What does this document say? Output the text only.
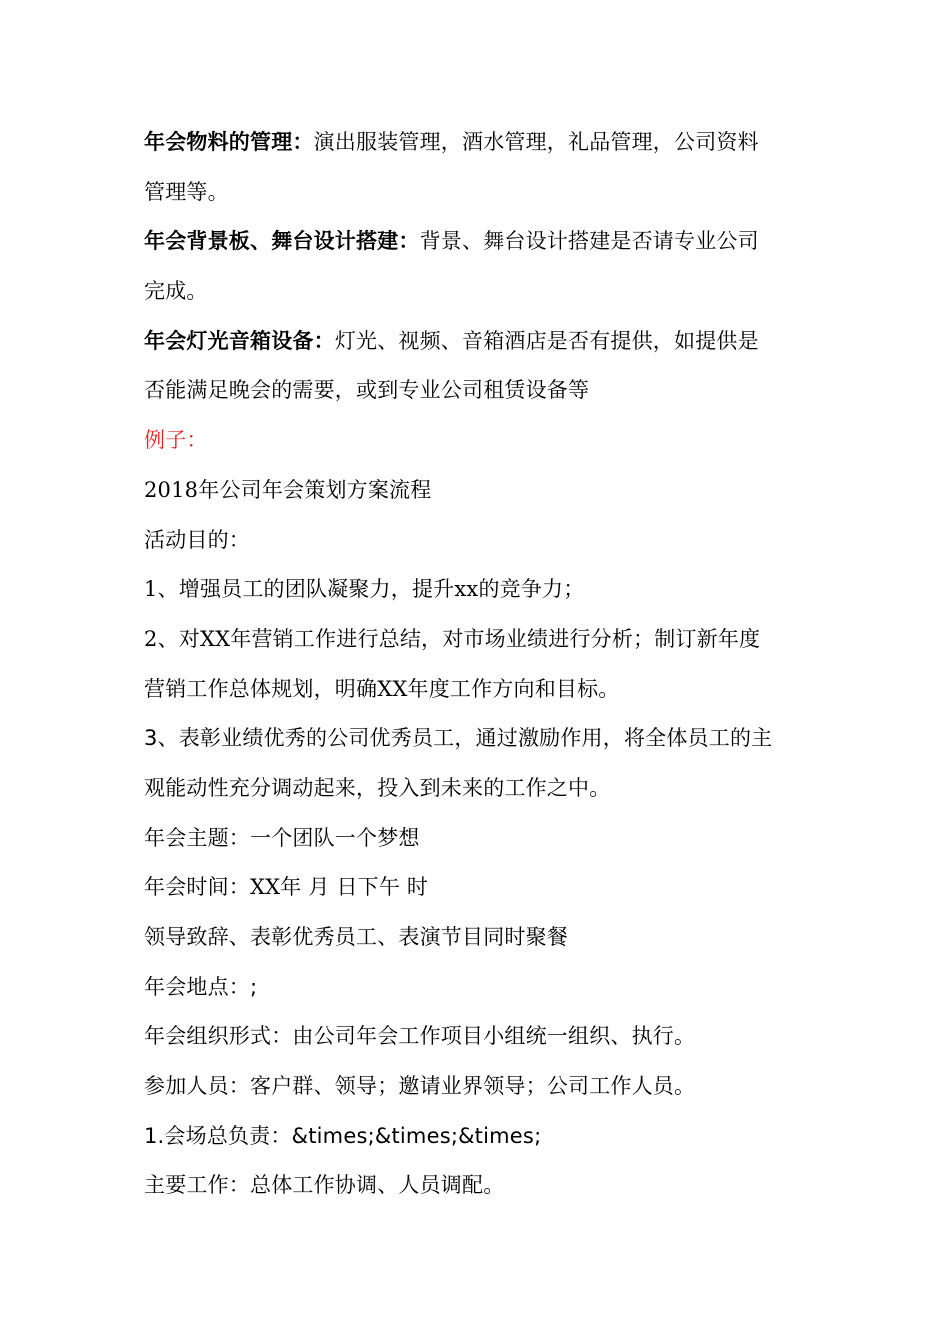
年会物料的管理：演出服装管理，酒水管理，礼品管理，公司资料
管理等。
年会背景板、舞台设计搭建：背景、舞台设计搭建是否请专业公司
完成。
年会灯光音箱设备：灯光、视频、音箱酒店是否有提供，如提供是
否能满足晚会的需要，或到专业公司租赁设备等
例子：
2018年公司年会策划方案流程
活动目的：
1、增强员工的团队凝聚力，提升xx的竞争力；
2、对XX年营销工作进行总结，对市场业绩进行分析；制订新年度
营销工作总体规划，明确XX年度工作方向和目标。
3、表彰业绩优秀的公司优秀员工，通过激励作用，将全体员工的主
观能动性充分调动起来，投入到未来的工作之中。
年会主题：一个团队一个梦想
年会时间：XX年 月 日下午 时
领导致辞、表彰优秀员工、表演节目同时聚餐
年会地点：;
年会组织形式：由公司年会工作项目小组统一组织、执行。
参加人员：客户群、领导；邀请业界领导；公司工作人员。
1.会场总负责：&times;&times;&times;
主要工作：总体工作协调、人员调配。
